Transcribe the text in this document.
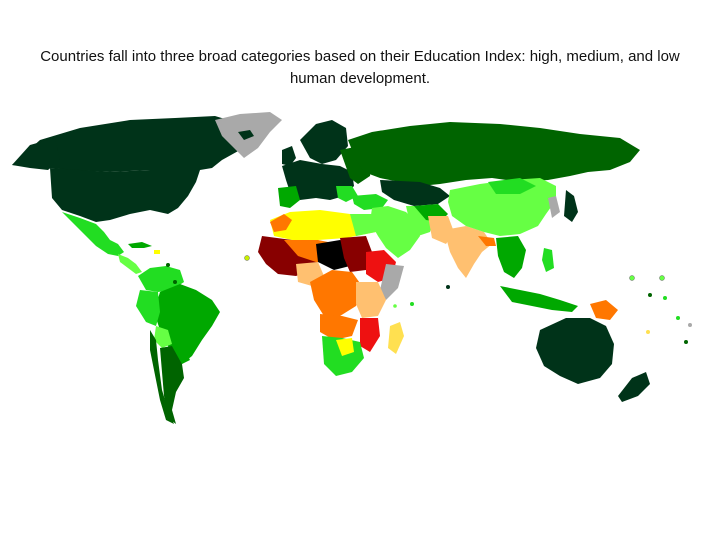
Countries fall into three broad categories based on their Education Index: high, medium, and low human development.
